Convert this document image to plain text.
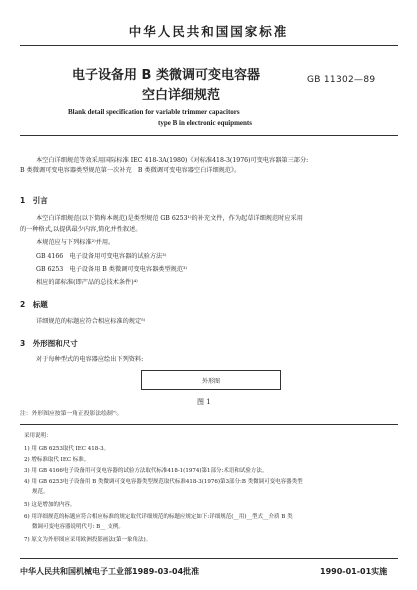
中华人民共和国国家标准
电子设备用 B 类微调可变电容器
空白详细规范
GB 11302—89
Blank detail specification for variable trimmer capacitors
type B in electronic equipments
本空白详细规范等效采用国际标准 IEC 418-3A(1980)《对标准418-3(1976)可变电容器第三部分:
B 类微调可变电容器类型规范第一次补充　B 类微调可变电容器空白详细规范》。
1　引言
本空白详细规范(以下简称本规范)是类型规范 GB 6253¹⁾的补充文件，作为起草详细规范时应采用
的一种格式,以提供最少内容,简化并性叙述。
本规范应与下列标准²⁾并用。
GB 4166　电子设备用可变电容器的试验方法³⁾
GB 6253　电子设备用 B 类微调可变电容器类型规范³⁾
相应的部标准(即产品的总技术条件)⁴⁾
2　标题
详细规范的标题应符合相应标准的规定⁵⁾
3　外形图和尺寸
对于每种型式的电容器应绘出下列资料:
外形图
图 1
注：外形图应按第一角正投影法绘制⁷⁾。
采用说明：
1) 用 GB 6253取代 IEC 418-3。
2) 增标准取代 IEC 标准。
3) 用 GB 4166电子设备用可变电容器的试验方法取代标准418-1(1974)第1部分:术语和试验方法。
4) 用 GB 6253电子设备用 B 类微调可变电容器类型规范取代标准418-3(1976)第3部分:B 类微调可变电容器类型
规范。
5) 这是增加的内容。
6) 用详细规范的标题应符合相应标准的规定取代详细规范的标题应规定如下:详细规范(__用)__型式__介质 B 类
微调可变电容器说明代号: B__ 支例。
7) 原文为外形图应采用欧洲投影画法(第一象角法)。
中华人民共和国机械电子工业部1989-03-04批准	1990-01-01实施
